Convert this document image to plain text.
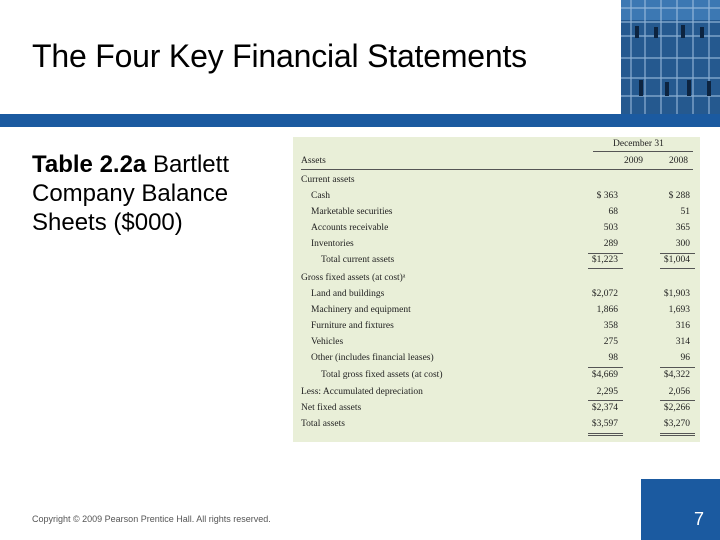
The Four Key Financial Statements
Table 2.2a Bartlett Company Balance Sheets ($000)
December 31
Assets	2009	2008
Current assets
Cash	$ 363	$ 288
Marketable securities	68	51
Accounts receivable	503	365
Inventories	289	300
Total current assets	$1,223	$1,004
Gross fixed assets (at cost)ᵃ
Land and buildings	$2,072	$1,903
Machinery and equipment	1,866	1,693
Furniture and fixtures	358	316
Vehicles	275	314
Other (includes financial leases)	98	96
Total gross fixed assets (at cost)	$4,669	$4,322
Less: Accumulated depreciation	2,295	2,056
Net fixed assets	$2,374	$2,266
Total assets	$3,597	$3,270
Copyright © 2009 Pearson Prentice Hall. All rights reserved.	7
